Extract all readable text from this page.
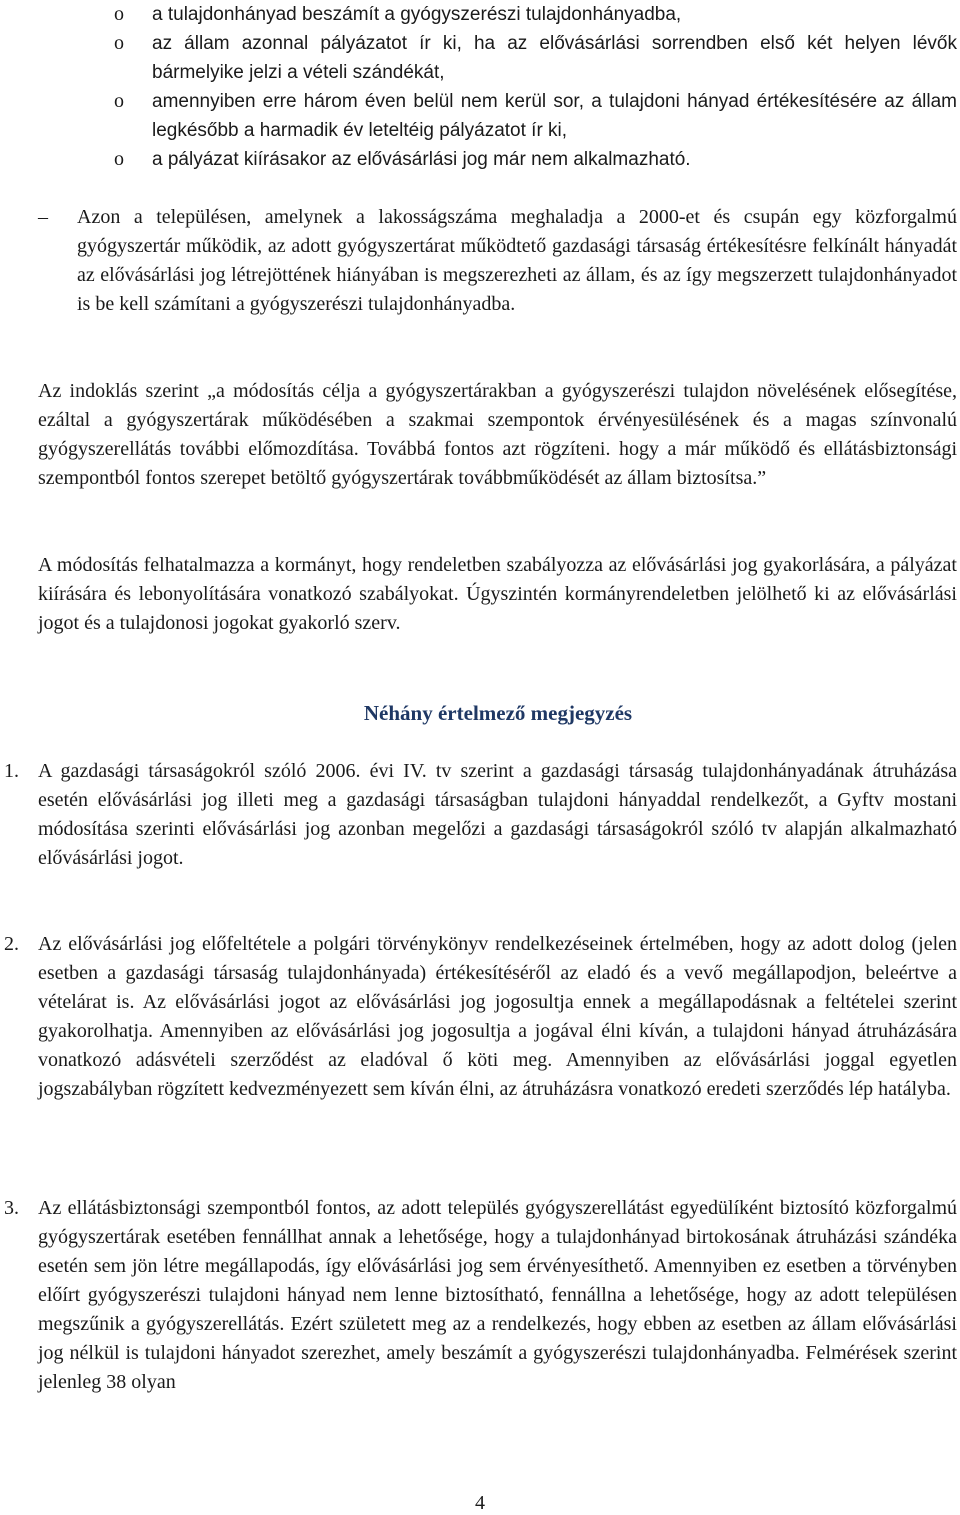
o a tulajdonhányad beszámít a gyógyszerészi tulajdonhányadba,
o az állam azonnal pályázatot ír ki, ha az elővásárlási sorrendben első két helyen lévők bármelyike jelzi a vételi szándékát,
o amennyiben erre három éven belül nem kerül sor, a tulajdoni hányad értékesítésére az állam legkésőbb a harmadik év leteltéig pályázatot ír ki,
o a pályázat kiírásakor az elővásárlási jog már nem alkalmazható.
– Azon a településen, amelynek a lakosságszáma meghaladja a 2000-et és csupán egy közforgalmú gyógyszertár működik, az adott gyógyszertárat működtető gazdasági társaság értékesítésre felkínált hányadát az elővásárlási jog létrejöttének hiányában is megszerezheti az állam, és az így megszerzett tulajdonhányadot is be kell számítani a gyógyszerészi tulajdonhányadba.

Az indoklás szerint „a módosítás célja a gyógyszertárakban a gyógyszerészi tulajdon növelésének elősegítése, ezáltal a gyógyszertárak működésében a szakmai szempontok érvényesülésének és a magas színvonalú gyógyszerellátás további előmozdítása. Továbbá fontos azt rögzíteni. hogy a már működő és ellátásbiztonsági szempontból fontos szerepet betöltő gyógyszertárak továbbműködését az állam biztosítsa.”

A módosítás felhatalmazza a kormányt, hogy rendeletben szabályozza az elővásárlási jog gyakorlására, a pályázat kiírására és lebonyolítására vonatkozó szabályokat. Úgyszintén kormányrendeletben jelölhető ki az elővásárlási jogot és a tulajdonosi jogokat gyakorló szerv.

Néhány értelmező megjegyzés
1. A gazdasági társaságokról szóló 2006. évi IV. tv szerint a gazdasági társaság tulajdonhányadának átruházása esetén elővásárlási jog illeti meg a gazdasági társaságban tulajdoni hányaddal rendelkezőt, a Gyftv mostani módosítása szerinti elővásárlási jog azonban megelőzi a gazdasági társaságokról szóló tv alapján alkalmazható elővásárlási jogot.
2. Az elővásárlási jog előfeltétele a polgári törvénykönyv rendelkezéseinek értelmében, hogy az adott dolog (jelen esetben a gazdasági társaság tulajdonhányada) értékesítéséről az eladó és a vevő megállapodjon, beleértve a vételárat is. Az elővásárlási jogot az elővásárlási jog jogosultja ennek a megállapodásnak a feltételei szerint gyakorolhatja. Amennyiben az elővásárlási jog jogosultja a jogával élni kíván, a tulajdoni hányad átruházására vonatkozó adásvételi szerződést az eladóval ő köti meg. Amennyiben az elővásárlási joggal egyetlen jogszabályban rögzített kedvezményezett sem kíván élni, az átruházásra vonatkozó eredeti szerződés lép hatályba.
3. Az ellátásbiztonsági szempontból fontos, az adott település gyógyszerellátást egyedülíként biztosító közforgalmú gyógyszertárak esetében fennállhat annak a lehetősége, hogy a tulajdonhányad birtokosának átruházási szándéka esetén sem jön létre megállapodás, így elővásárlási jog sem érvényesíthető. Amennyiben ez esetben a törvényben előírt gyógyszerészi tulajdoni hányad nem lenne biztosítható, fennállna a lehetősége, hogy az adott településen megszűnik a gyógyszerellátás. Ezért született meg az a rendelkezés, hogy ebben az esetben az állam elővásárlási jog nélkül is tulajdoni hányadot szerezhet, amely beszámít a gyógyszerészi tulajdonhányadba. Felmérések szerint jelenleg 38 olyan
4
